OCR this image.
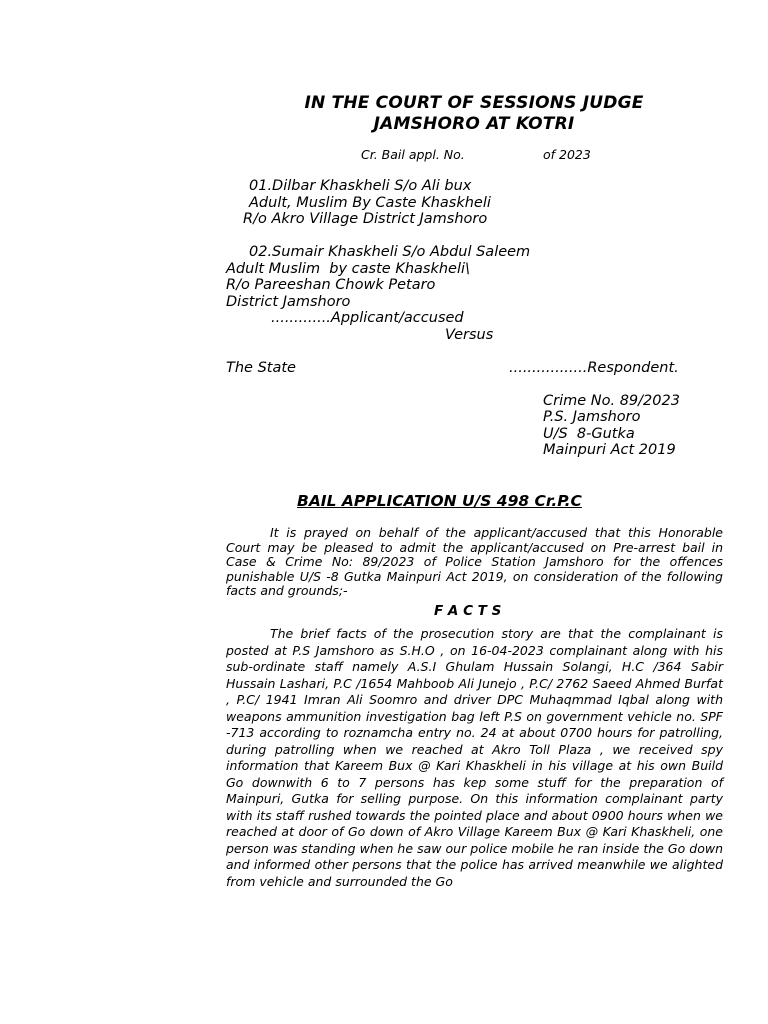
IN THE COURT OF SESSIONS JUDGE
JAMSHORO AT KOTRI
Cr. Bail appl. No.	of 2023
01.Dilbar Khaskheli S/o Ali bux
Adult, Muslim By Caste Khaskheli
R/o Akro Village District Jamshoro
02.Sumair Khaskheli S/o Abdul Saleem
Adult Muslim  by caste Khaskheli\
R/o Pareeshan Chowk Petaro
District Jamshoro
.............Applicant/accused
Versus
The State	.................Respondent.
Crime No. 89/2023
P.S. Jamshoro
U/S  8-Gutka
Mainpuri Act 2019
BAIL APPLICATION U/S 498 Cr.P.C

It is prayed on behalf of the applicant/accused that this Honorable Court may be pleased to admit the applicant/accused on Pre-arrest bail in Case & Crime No: 89/2023 of Police Station Jamshoro for the offences punishable U/S -8 Gutka Mainpuri Act 2019, on consideration of the following facts and grounds;-

F A C T S

The brief facts of the prosecution story are that the complainant is posted at P.S Jamshoro as S.H.O , on 16-04-2023 complainant along with his sub-ordinate staff namely A.S.I Ghulam Hussain Solangi, H.C /364 Sabir Hussain Lashari, P.C /1654 Mahboob Ali Junejo , P.C/ 2762 Saeed Ahmed Burfat , P.C/ 1941 Imran Ali Soomro and driver DPC Muhaqmmad Iqbal along with weapons ammunition investigation bag left P.S on government vehicle no. SPF -713 according to roznamcha entry no. 24 at about 0700 hours for patrolling, during patrolling when we reached at Akro Toll Plaza , we received spy information that Kareem Bux @ Kari Khaskheli in his village at his own Build Go downwith 6 to 7 persons has kep some stuff for the preparation of Mainpuri, Gutka for selling purpose. On this information complainant party with its staff rushed towards the pointed place and about 0900 hours when we reached at door of Go down of Akro Village Kareem Bux @ Kari Khaskheli, one person was standing when he saw our police mobile he ran inside the Go down and informed other persons that the police has arrived meanwhile we alighted from vehicle and surrounded the Go
